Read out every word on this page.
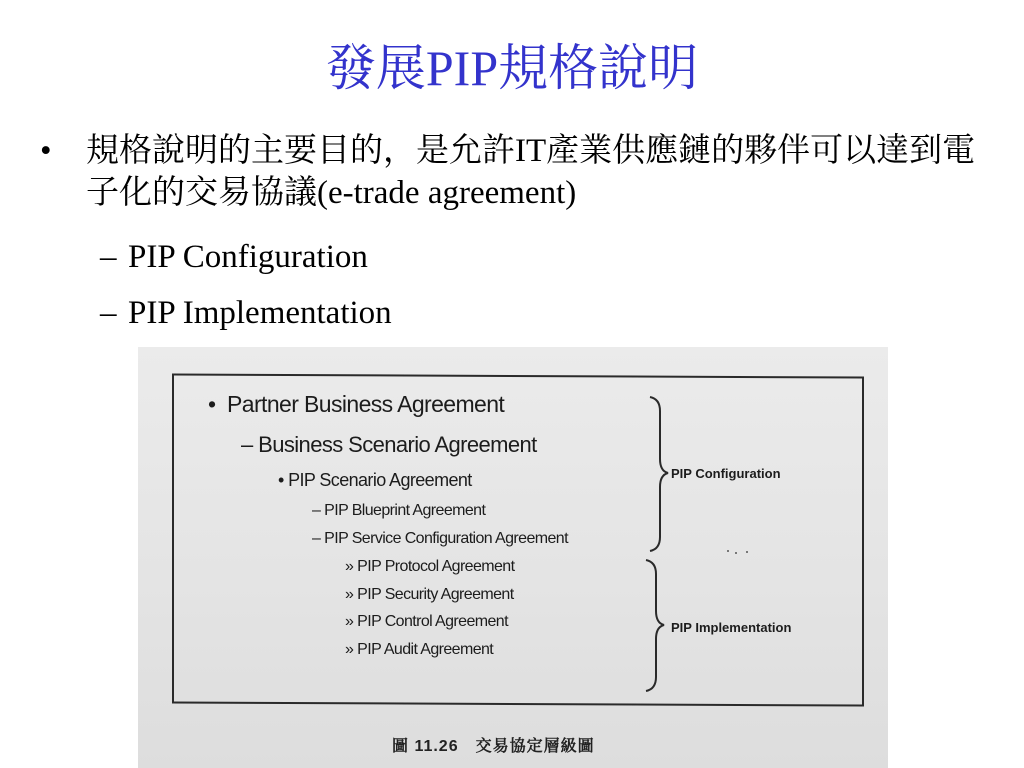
發展PIP規格說明
• 規格說明的主要目的，是允許IT產業供應鏈的夥伴可以達到電子化的交易協議(e-trade agreement)
– PIP Configuration
– PIP Implementation
• Partner Business Agreement
– Business Scenario Agreement
• PIP Scenario Agreement
– PIP Blueprint Agreement
– PIP Service Configuration Agreement
» PIP Protocol Agreement
» PIP Security Agreement
» PIP Control Agreement
» PIP Audit Agreement
PIP Configuration
PIP Implementation
圖 11.26　交易協定層級圖
